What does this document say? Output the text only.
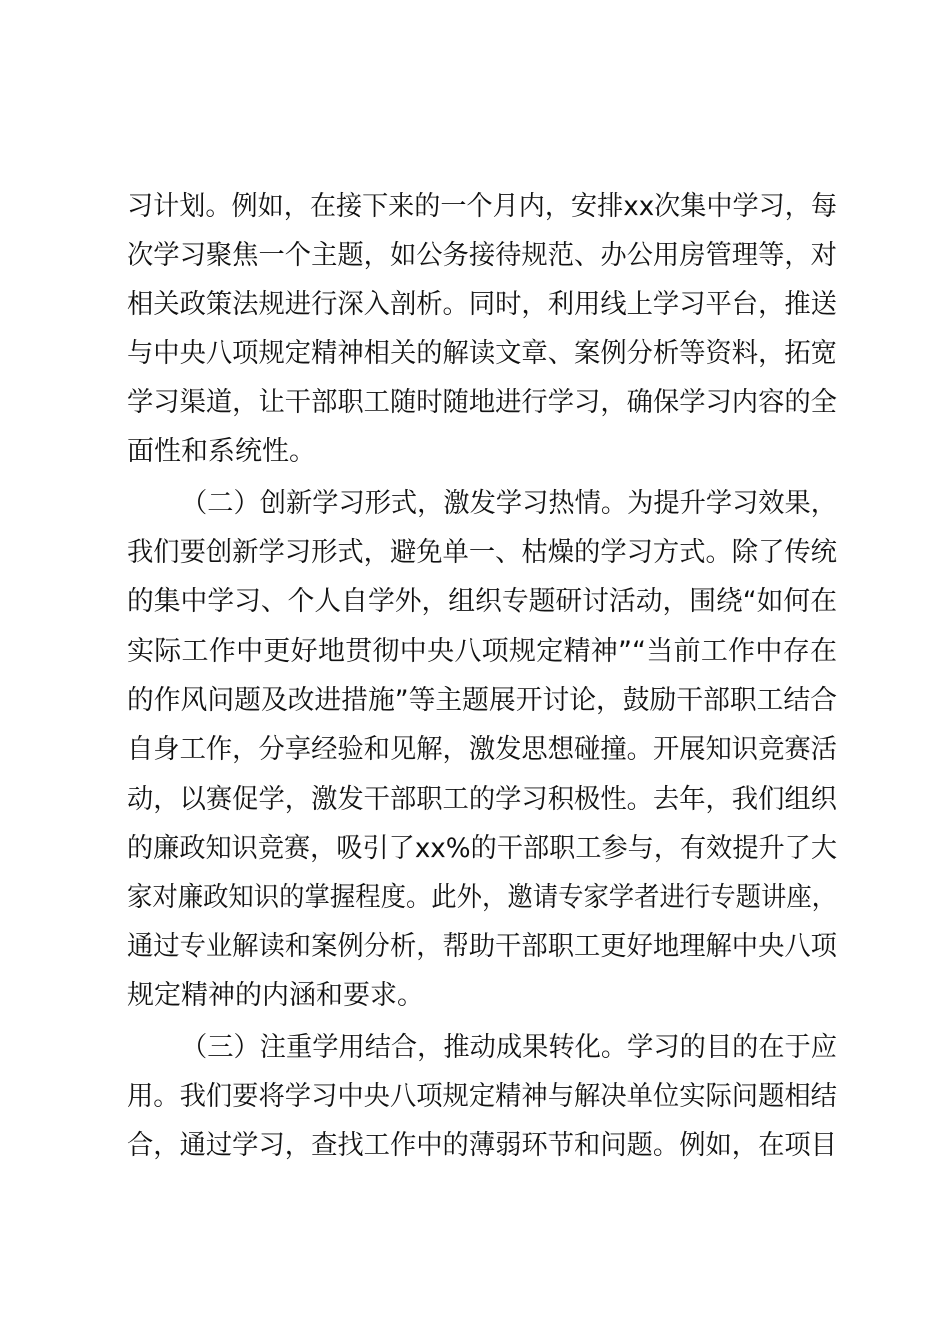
习计划。例如，在接下来的一个月内，安排xx次集中学习，每
次学习聚焦一个主题，如公务接待规范、办公用房管理等，对
相关政策法规进行深入剖析。同时，利用线上学习平台，推送
与中央八项规定精神相关的解读文章、案例分析等资料，拓宽
学习渠道，让干部职工随时随地进行学习，确保学习内容的全
面性和系统性。
（二）创新学习形式，激发学习热情。为提升学习效果，
我们要创新学习形式，避免单一、枯燥的学习方式。除了传统
的集中学习、个人自学外，组织专题研讨活动，围绕“如何在
实际工作中更好地贯彻中央八项规定精神”“当前工作中存在
的作风问题及改进措施”等主题展开讨论，鼓励干部职工结合
自身工作，分享经验和见解，激发思想碰撞。开展知识竞赛活
动，以赛促学，激发干部职工的学习积极性。去年，我们组织
的廉政知识竞赛，吸引了xx%的干部职工参与，有效提升了大
家对廉政知识的掌握程度。此外，邀请专家学者进行专题讲座，
通过专业解读和案例分析，帮助干部职工更好地理解中央八项
规定精神的内涵和要求。
（三）注重学用结合，推动成果转化。学习的目的在于应
用。我们要将学习中央八项规定精神与解决单位实际问题相结
合，通过学习，查找工作中的薄弱环节和问题。例如，在项目
